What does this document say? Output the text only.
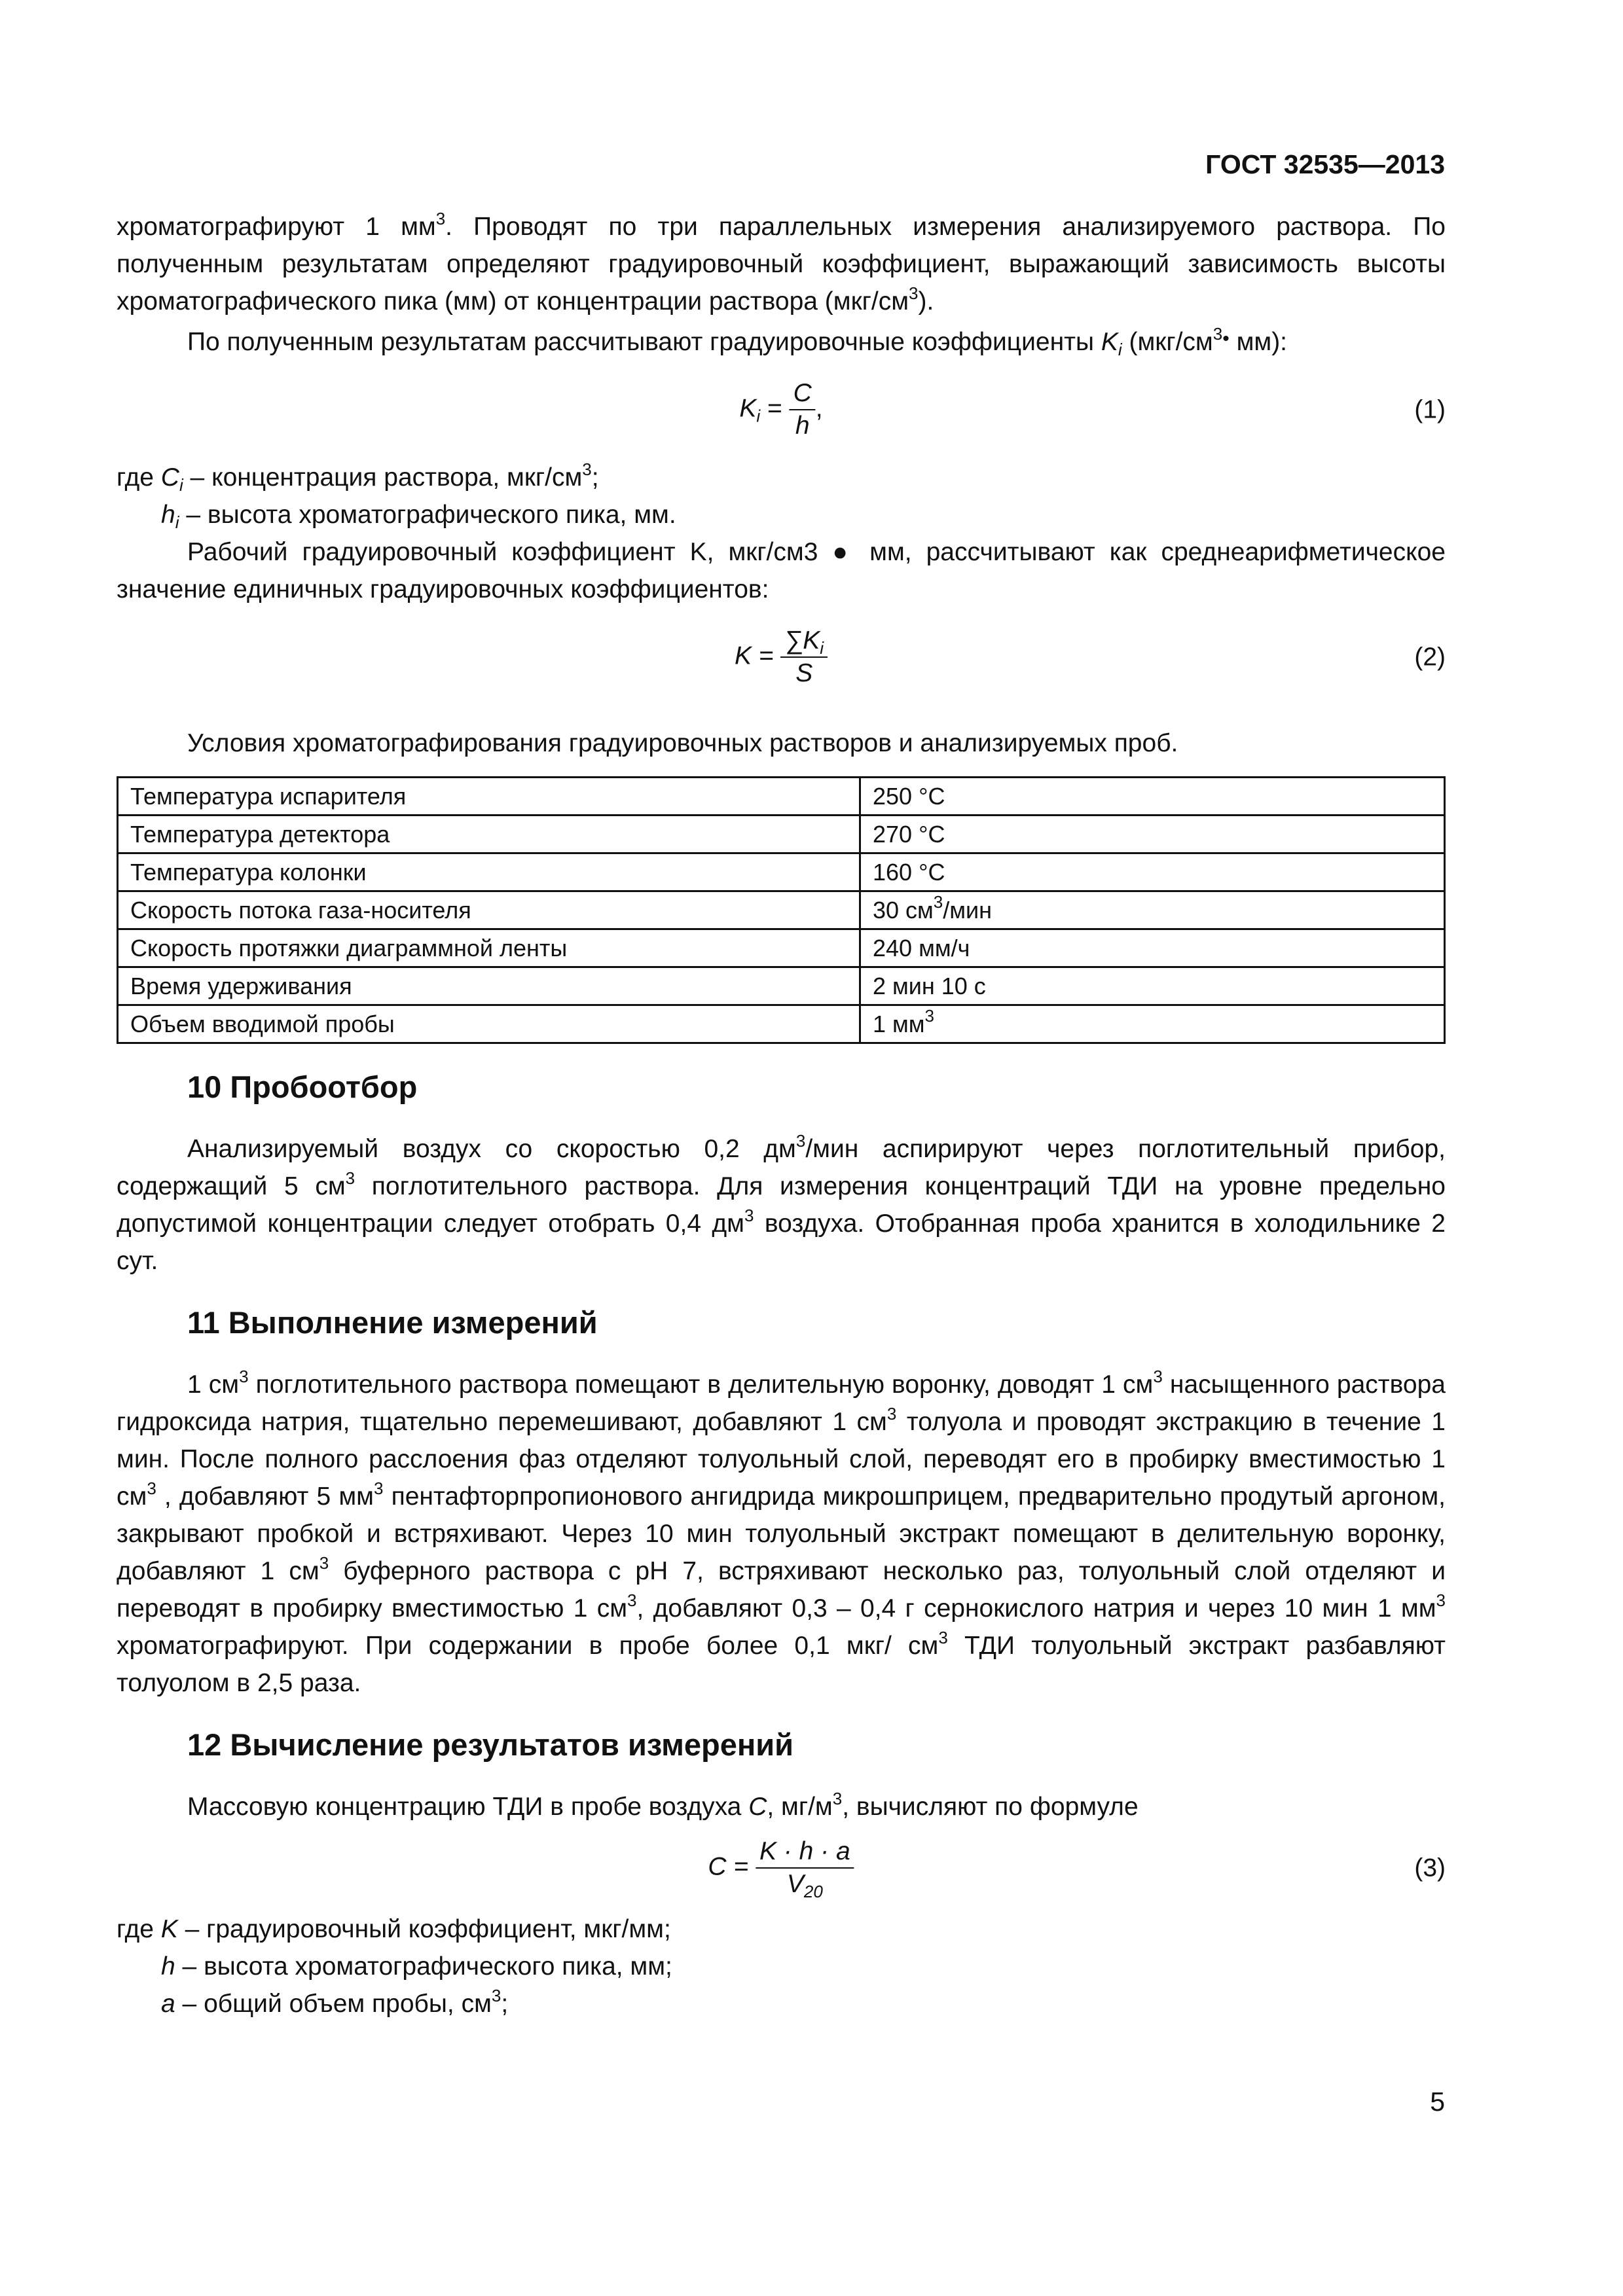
ГОСТ 32535—2013

хроматографируют 1 $мм^3$. Проводят по три параллельных измерения анализируемого раствора. По полученным результатам определяют градуировочный коэффициент, выражающий зависимость высоты хроматографического пика (мм) от концентрации раствора $(мкг/см^3)$.

По полученным результатам рассчитывают градуировочные коэффициенты $K_i$ ($мкг/см^{3•}$ мм):

$K_i = \frac{C}{h}$ ,	(1)

где $C_i$ – концентрация раствора, мкг/$см^3$;

$h_i$ – высота хроматографического пика, мм.

Рабочий градуировочный коэффициент K, мкг/см3 ● мм, рассчитывают как среднеарифметическое значение единичных градуировочных коэффициентов:

$K = \frac{\sum K_i}{S}$	(2)

Условия хроматографирования градуировочных растворов и анализируемых проб.

Температура испарителя	250 °С
Температура детектора	270 °С
Температура колонки	160 °С
Скорость потока газа-носителя	30 $см^3$/мин
Скорость протяжки диаграммной ленты	240 мм/ч
Время удерживания	2 мин 10 с
Объем вводимой пробы	1 $мм^3$
10 Пробоотбор

Анализируемый воздух со скоростью 0,2 $дм^3$/мин аспирируют через поглотительный прибор, содержащий 5 $см^3$ поглотительного раствора. Для измерения концентраций ТДИ на уровне предельно допустимой концентрации следует отобрать 0,4 $дм^3$ воздуха. Отобранная проба хранится в холодильнике 2 сут.

11 Выполнение измерений

1 $см^3$ поглотительного раствора помещают в делительную воронку, доводят 1 $см^3$ насыщенного раствора гидроксида натрия, тщательно перемешивают, добавляют 1 $см^3$ толуола и проводят экстракцию в течение 1 мин. После полного расслоения фаз отделяют толуольный слой, переводят его в пробирку вместимостью 1 $см^3$ , добавляют 5 $мм^3$ пентафторпропионового ангидрида микрошприцем, предварительно продутый аргоном, закрывают пробкой и встряхивают. Через 10 мин толуольный экстракт помещают в делительную воронку, добавляют 1 $см^3$ буферного раствора с рН 7, встряхивают несколько раз, толуольный слой отделяют и переводят в пробирку вместимостью 1 $см^3$, добавляют 0,3 – 0,4 г сернокислого натрия и через 10 мин 1 $мм^3$ хроматографируют. При содержании в пробе более 0,1 мкг/ $см^3$ ТДИ толуольный экстракт разбавляют толуолом в 2,5 раза.

12 Вычисление результатов измерений

Массовую концентрацию ТДИ в пробе воздуха C, $мг/м^3$, вычисляют по формуле

$C = \frac{K \cdot h \cdot a}{V_{20}}$	(3)

где K – градуировочный коэффициент, мкг/мм;

h – высота хроматографического пика, мм;

a – общий объем пробы, $см^3$;

5
